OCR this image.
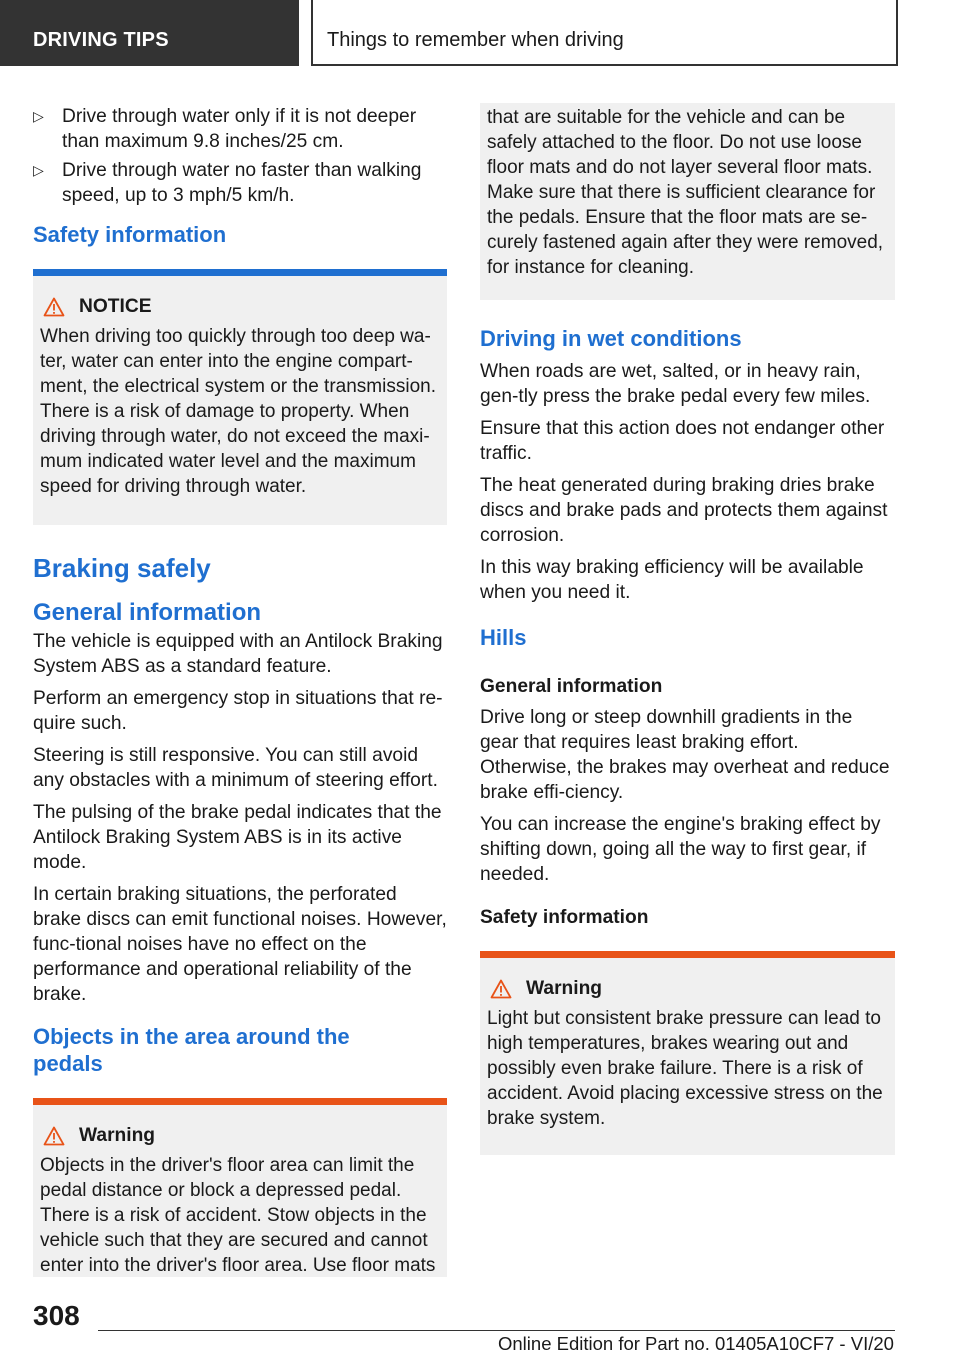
DRIVING TIPS	Things to remember when driving
▷ Drive through water only if it is not deeper than maximum 9.8 inches/25 cm.

▷ Drive through water no faster than walking speed, up to 3 mph/5 km/h.

Safety information
NOTICE

When driving too quickly through too deep wa‐ter, water can enter into the engine compart‐ment, the electrical system or the transmission. There is a risk of damage to property. When driving through water, do not exceed the maxi‐mum indicated water level and the maximum speed for driving through water.

Braking safely
General information

The vehicle is equipped with an Antilock Braking System ABS as a standard feature.

Perform an emergency stop in situations that re‐quire such.

Steering is still responsive. You can still avoid any obstacles with a minimum of steering effort.

The pulsing of the brake pedal indicates that the Antilock Braking System ABS is in its active mode.

In certain braking situations, the perforated brake discs can emit functional noises. However, func‐tional noises have no effect on the performance and operational reliability of the brake.

Objects in the area around the pedals
Warning

Objects in the driver's floor area can limit the pedal distance or block a depressed pedal. There is a risk of accident. Stow objects in the vehicle such that they are secured and cannot enter into the driver's floor area. Use floor mats

that are suitable for the vehicle and can be safely attached to the floor. Do not use loose floor mats and do not layer several floor mats. Make sure that there is sufficient clearance for the pedals. Ensure that the floor mats are se‐curely fastened again after they were removed, for instance for cleaning.

Driving in wet conditions

When roads are wet, salted, or in heavy rain, gen‐tly press the brake pedal every few miles.

Ensure that this action does not endanger other traffic.

The heat generated during braking dries brake discs and brake pads and protects them against corrosion.

In this way braking efficiency will be available when you need it.

Hills
General information

Drive long or steep downhill gradients in the gear that requires least braking effort. Otherwise, the brakes may overheat and reduce brake effi‐ciency.

You can increase the engine's braking effect by shifting down, going all the way to first gear, if needed.

Safety information
Warning

Light but consistent brake pressure can lead to high temperatures, brakes wearing out and possibly even brake failure. There is a risk of accident. Avoid placing excessive stress on the brake system.

308
Online Edition for Part no. 01405A10CF7 - VI/20
